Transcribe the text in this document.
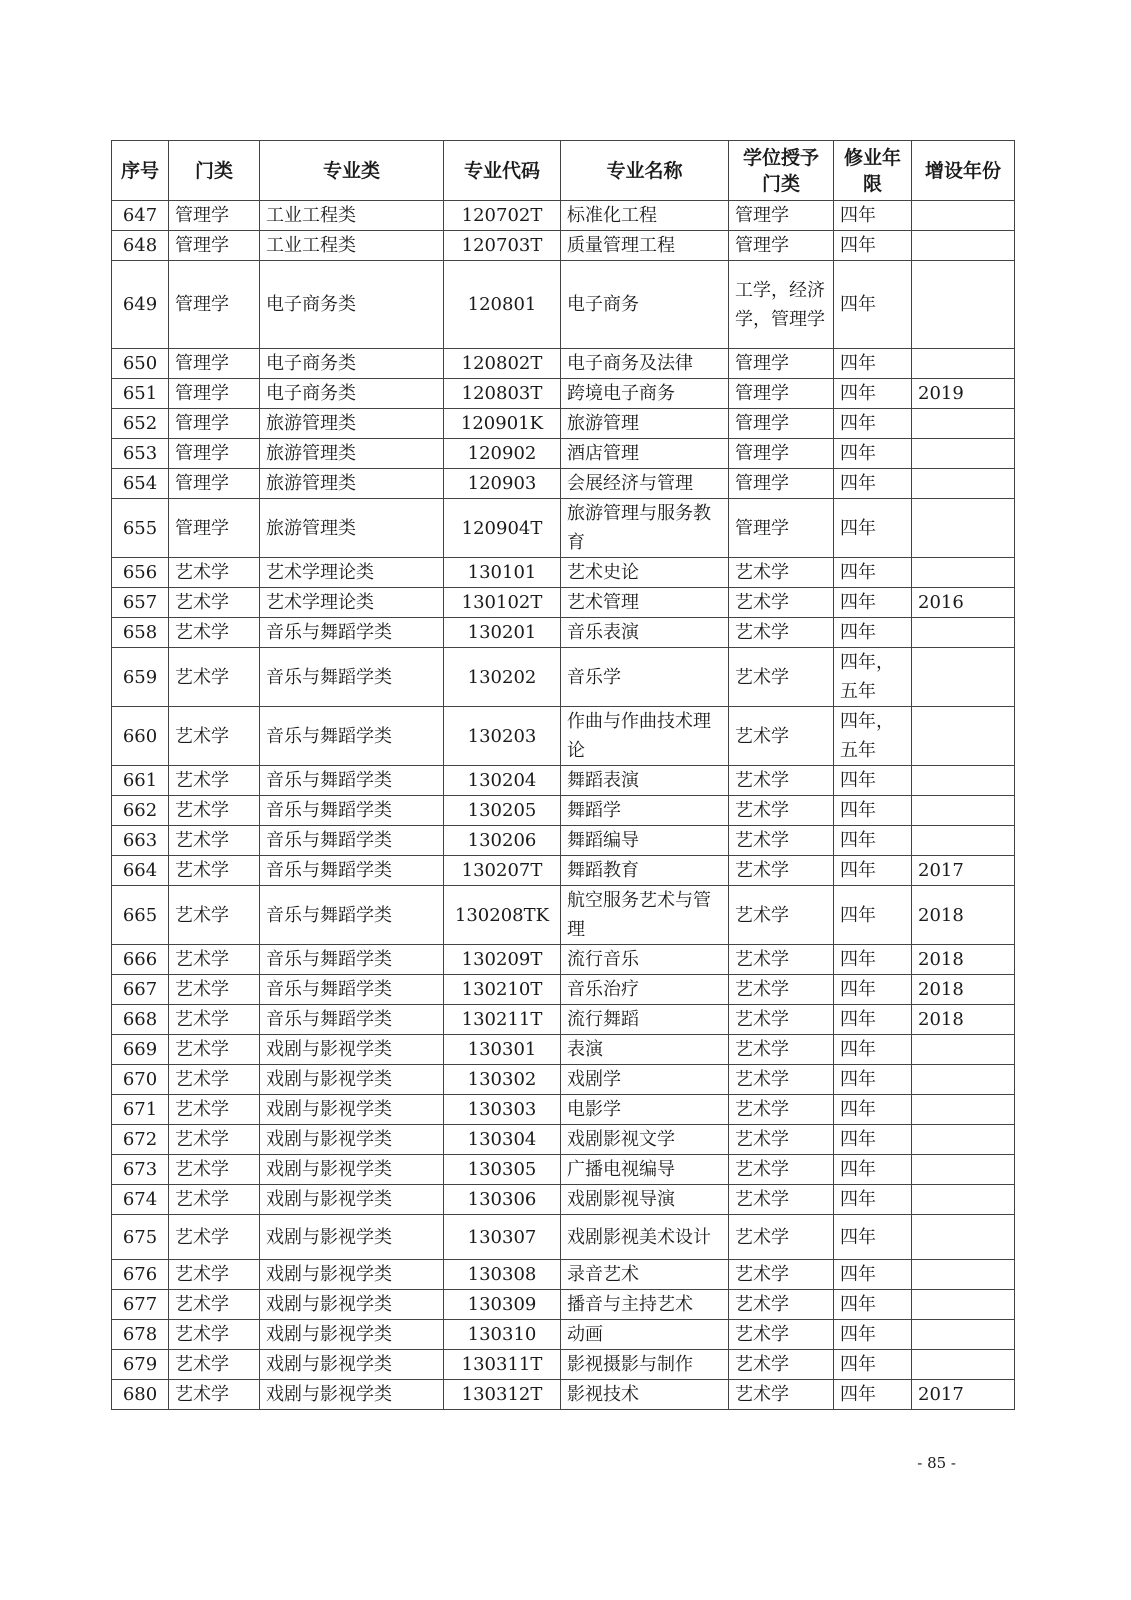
序号	门类	专业类	专业代码	专业名称	学位授予门类	修业年限	增设年份
647	管理学	工业工程类	120702T	标准化工程	管理学	四年	
648	管理学	工业工程类	120703T	质量管理工程	管理学	四年	
649	管理学	电子商务类	120801	电子商务	工学，经济学，管理学	四年	
650	管理学	电子商务类	120802T	电子商务及法律	管理学	四年	
651	管理学	电子商务类	120803T	跨境电子商务	管理学	四年	2019
652	管理学	旅游管理类	120901K	旅游管理	管理学	四年	
653	管理学	旅游管理类	120902	酒店管理	管理学	四年	
654	管理学	旅游管理类	120903	会展经济与管理	管理学	四年	
655	管理学	旅游管理类	120904T	旅游管理与服务教育	管理学	四年	
656	艺术学	艺术学理论类	130101	艺术史论	艺术学	四年	
657	艺术学	艺术学理论类	130102T	艺术管理	艺术学	四年	2016
658	艺术学	音乐与舞蹈学类	130201	音乐表演	艺术学	四年	
659	艺术学	音乐与舞蹈学类	130202	音乐学	艺术学	四年，五年	
660	艺术学	音乐与舞蹈学类	130203	作曲与作曲技术理论	艺术学	四年，五年	
661	艺术学	音乐与舞蹈学类	130204	舞蹈表演	艺术学	四年	
662	艺术学	音乐与舞蹈学类	130205	舞蹈学	艺术学	四年	
663	艺术学	音乐与舞蹈学类	130206	舞蹈编导	艺术学	四年	
664	艺术学	音乐与舞蹈学类	130207T	舞蹈教育	艺术学	四年	2017
665	艺术学	音乐与舞蹈学类	130208TK	航空服务艺术与管理	艺术学	四年	2018
666	艺术学	音乐与舞蹈学类	130209T	流行音乐	艺术学	四年	2018
667	艺术学	音乐与舞蹈学类	130210T	音乐治疗	艺术学	四年	2018
668	艺术学	音乐与舞蹈学类	130211T	流行舞蹈	艺术学	四年	2018
669	艺术学	戏剧与影视学类	130301	表演	艺术学	四年	
670	艺术学	戏剧与影视学类	130302	戏剧学	艺术学	四年	
671	艺术学	戏剧与影视学类	130303	电影学	艺术学	四年	
672	艺术学	戏剧与影视学类	130304	戏剧影视文学	艺术学	四年	
673	艺术学	戏剧与影视学类	130305	广播电视编导	艺术学	四年	
674	艺术学	戏剧与影视学类	130306	戏剧影视导演	艺术学	四年	
675	艺术学	戏剧与影视学类	130307	戏剧影视美术设计	艺术学	四年	
676	艺术学	戏剧与影视学类	130308	录音艺术	艺术学	四年	
677	艺术学	戏剧与影视学类	130309	播音与主持艺术	艺术学	四年	
678	艺术学	戏剧与影视学类	130310	动画	艺术学	四年	
679	艺术学	戏剧与影视学类	130311T	影视摄影与制作	艺术学	四年	
680	艺术学	戏剧与影视学类	130312T	影视技术	艺术学	四年	2017
- 85 -
